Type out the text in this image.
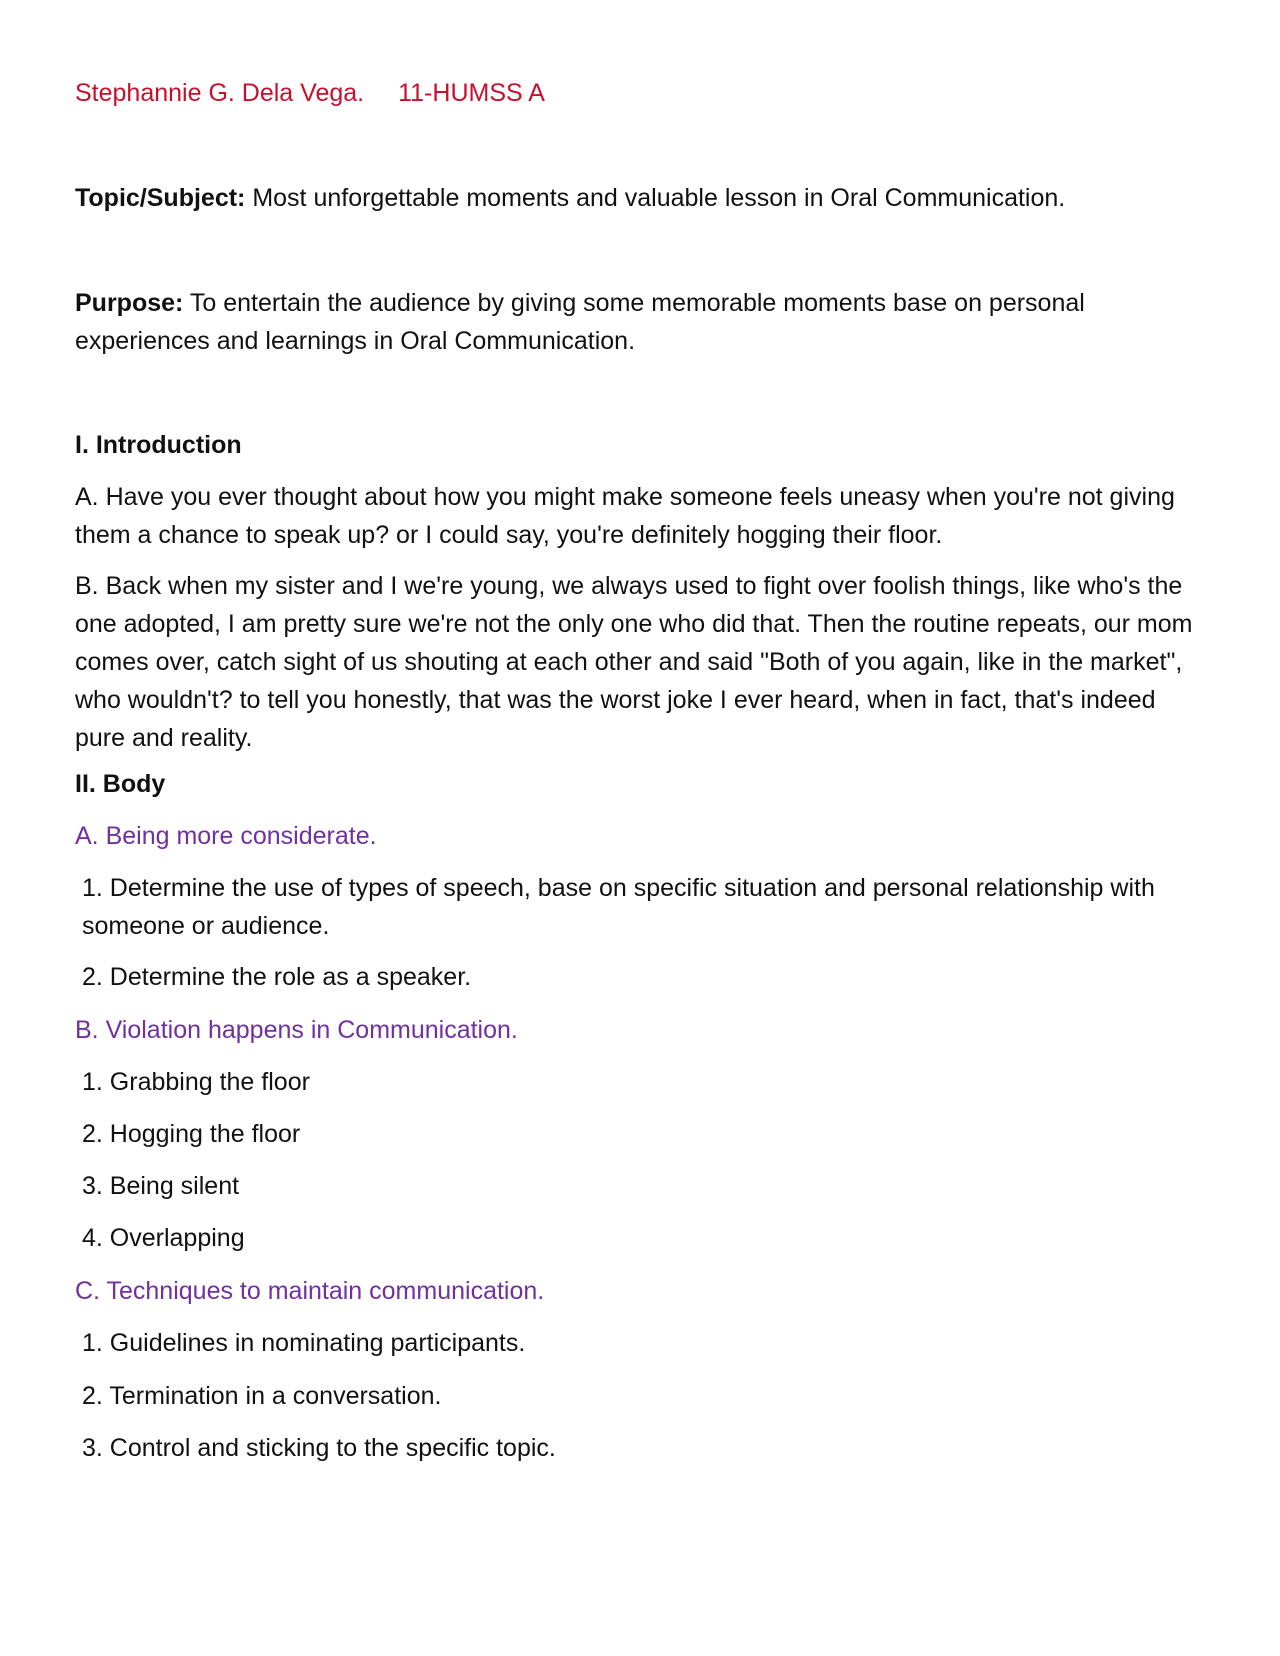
Stephannie G. Dela Vega. 11-HUMSS A

Topic/Subject: Most unforgettable moments and valuable lesson in Oral Communication.

Purpose: To entertain the audience by giving some memorable moments base on personal experiences and learnings in Oral Communication.

I. Introduction

A. Have you ever thought about how you might make someone feels uneasy when you're not giving them a chance to speak up? or I could say, you're definitely hogging their floor.

B. Back when my sister and I we're young, we always used to fight over foolish things, like who's the one adopted, I am pretty sure we're not the only one who did that. Then the routine repeats, our mom comes over, catch sight of us shouting at each other and said "Both of you again, like in the market", who wouldn't? to tell you honestly, that was the worst joke I ever heard, when in fact, that's indeed pure and reality.

II. Body

A. Being more considerate.

1. Determine the use of types of speech, base on specific situation and personal relationship with someone or audience.

2. Determine the role as a speaker.

B. Violation happens in Communication.

1. Grabbing the floor

2. Hogging the floor

3. Being silent

4. Overlapping

C. Techniques to maintain communication.

1. Guidelines in nominating participants.

2. Termination in a conversation.

3. Control and sticking to the specific topic.
